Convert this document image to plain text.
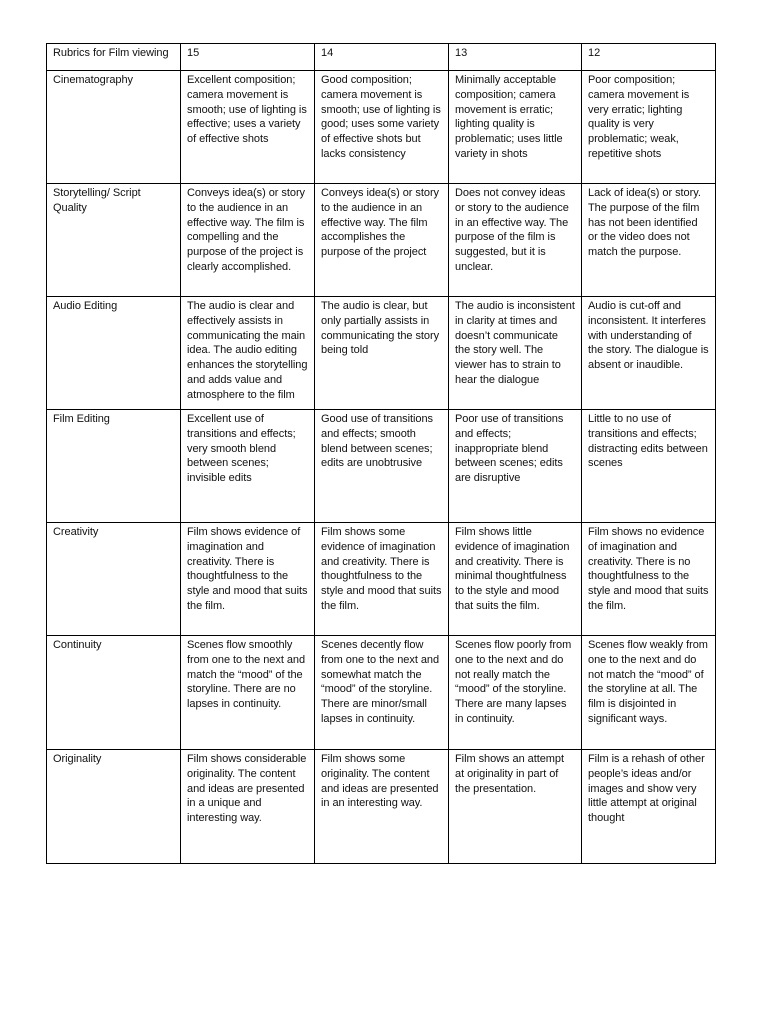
Rubrics for Film viewing	15	14	13	12
Cinematography	Excellent composition; camera movement is smooth; use of lighting is effective; uses a variety of effective shots	Good composition; camera movement is smooth; use of lighting is good; uses some variety of effective shots but lacks consistency	Minimally acceptable composition; camera movement is erratic; lighting quality is problematic; uses little variety in shots	Poor composition; camera movement is very erratic; lighting quality is very problematic; weak, repetitive shots
Storytelling/ Script Quality	Conveys idea(s) or story to the audience in an effective way. The film is compelling and the purpose of the project is clearly accomplished.	Conveys idea(s) or story to the audience in an effective way. The film accomplishes the purpose of the project	Does not convey ideas or story to the audience in an effective way. The purpose of the film is suggested, but it is unclear.	Lack of idea(s) or story. The purpose of the film has not been identified or the video does not match the purpose.
Audio Editing	The audio is clear and effectively assists in communicating the main idea. The audio editing enhances the storytelling and adds value and atmosphere to the film	The audio is clear, but only partially assists in communicating the story being told	The audio is inconsistent in clarity at times and doesn’t communicate the story well. The viewer has to strain to hear the dialogue	Audio is cut-off and inconsistent. It interferes with understanding of the story. The dialogue is absent or inaudible.
Film Editing	Excellent use of transitions and effects; very smooth blend between scenes; invisible edits	Good use of transitions and effects; smooth blend between scenes; edits are unobtrusive	Poor use of transitions and effects; inappropriate blend between scenes; edits are disruptive	Little to no use of transitions and effects; distracting edits between scenes
Creativity	Film shows evidence of imagination and creativity. There is thoughtfulness to the style and mood that suits the film.	Film shows some evidence of imagination and creativity. There is thoughtfulness to the style and mood that suits the film.	Film shows little evidence of imagination and creativity. There is minimal thoughtfulness to the style and mood that suits the film.	Film shows no evidence of imagination and creativity. There is no thoughtfulness to the style and mood that suits the film.
Continuity	Scenes flow smoothly from one to the next and match the “mood” of the storyline. There are no lapses in continuity.	Scenes decently flow from one to the next and somewhat match the “mood” of the storyline. There are minor/small lapses in continuity.	Scenes flow poorly from one to the next and do not really match the “mood” of the storyline. There are many lapses in continuity.	Scenes flow weakly from one to the next and do not match the “mood” of the storyline at all. The film is disjointed in significant ways.
Originality	Film shows considerable originality. The content and ideas are presented in a unique and interesting way.	Film shows some originality. The content and ideas are presented in an interesting way.	Film shows an attempt at originality in part of the presentation.	Film is a rehash of other people’s ideas and/or images and show very little attempt at original thought
